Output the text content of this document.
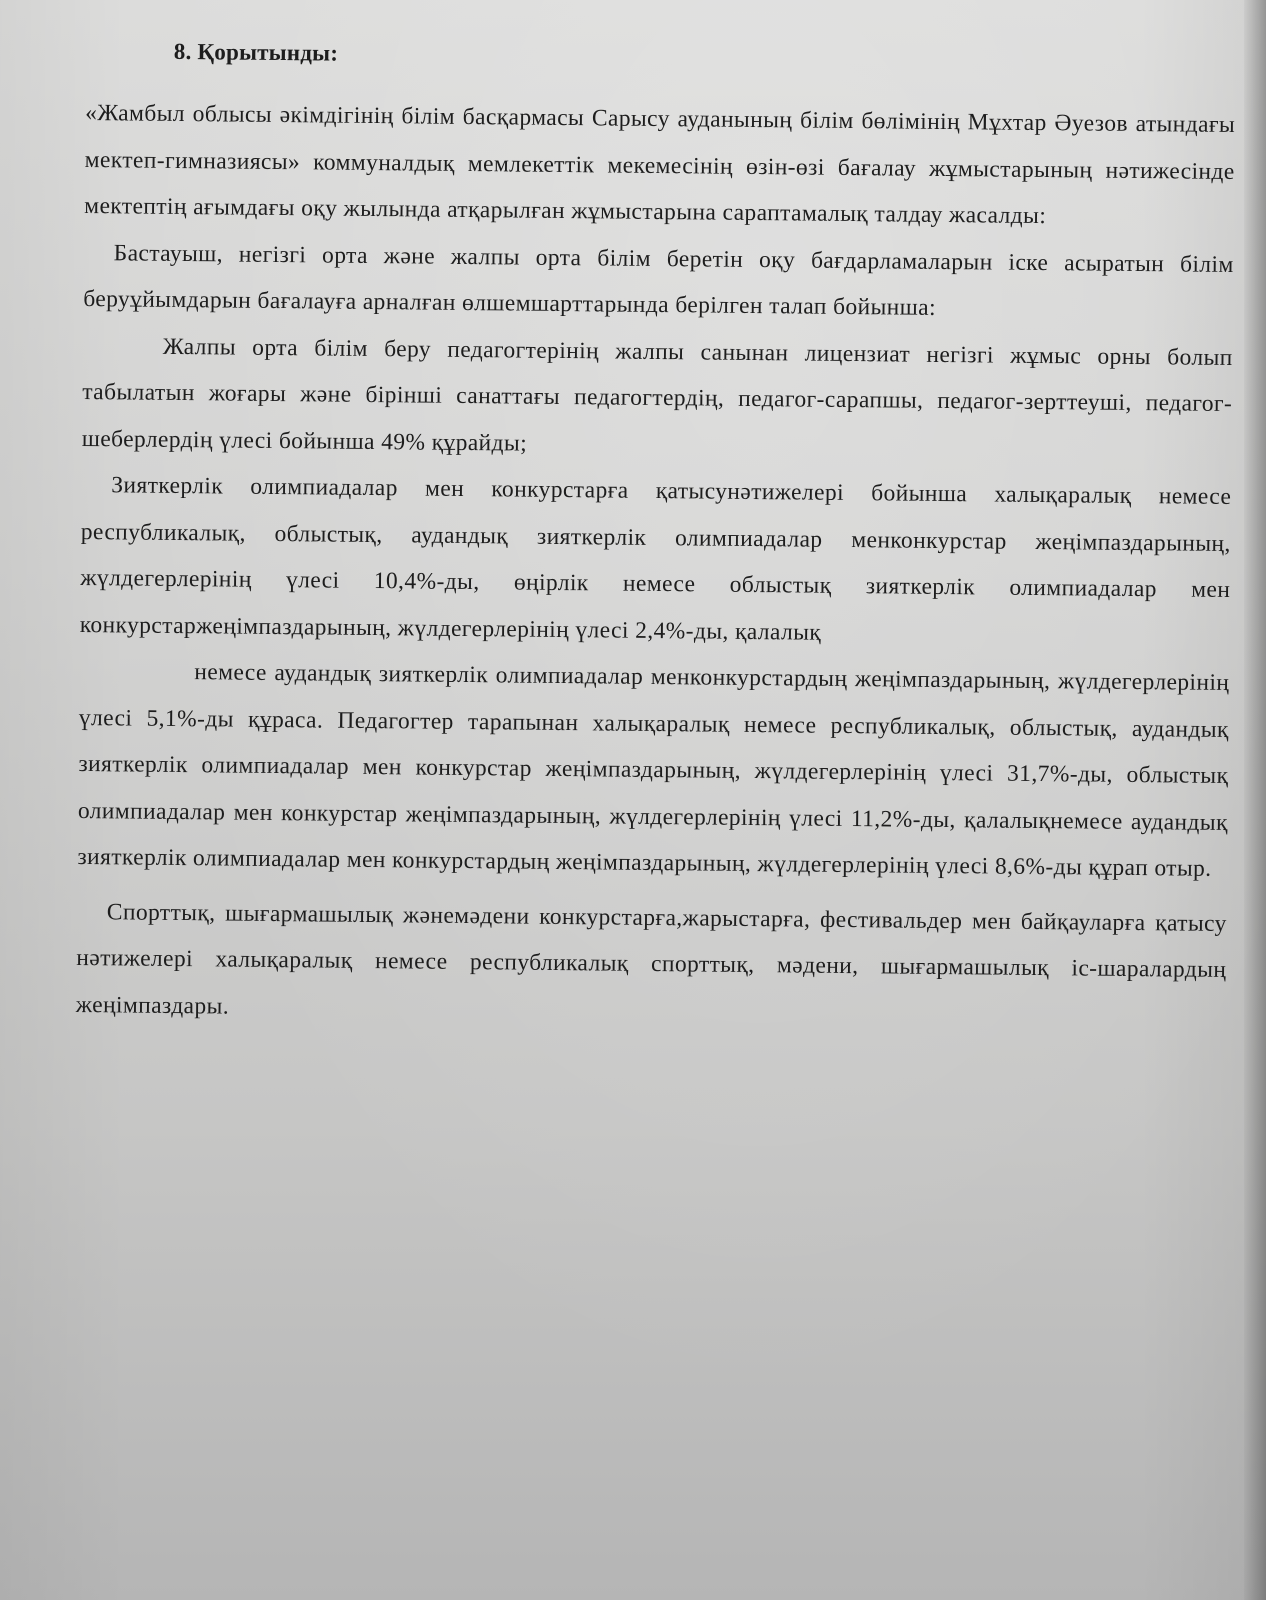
8. Қорытынды:

«Жамбыл облысы әкімдігінің білім басқармасы Сарысу ауданының білім бөлімінің Мұхтар Әуезов атындағы мектеп-гимназиясы» коммуналдық мемлекеттік мекемесінің өзін-өзі бағалау жұмыстарының нәтижесінде мектептің ағымдағы оқу жылында атқарылған жұмыстарына сараптамалық талдау жасалды:

Бастауыш, негізгі орта және жалпы орта білім беретін оқу бағдарламаларын іске асыратын білім беруұйымдарын бағалауға арналған өлшемшарттарында берілген талап бойынша:

Жалпы орта білім беру педагогтерінің жалпы санынан лицензиат негізгі жұмыс орны болып табылатын жоғары және бірінші санаттағы педагогтердің, педагог-сарапшы, педагог-зерттеуші, педагог-шеберлердің үлесі бойынша 49% құрайды;

Зияткерлік олимпиадалар мен конкурстарға қатысунәтижелері бойынша халықаралық немесе республикалық, облыстық, аудандық зияткерлік олимпиадалар менконкурстар жеңімпаздарының, жүлдегерлерінің үлесі 10,4%-ды, өңірлік немесе облыстық зияткерлік олимпиадалар мен конкурстаржеңімпаздарының, жүлдегерлерінің үлесі 2,4%-ды, қалалық

немесе аудандық зияткерлік олимпиадалар менконкурстардың жеңімпаздарының, жүлдегерлерінің үлесі 5,1%-ды құраса. Педагогтер тарапынан халықаралық немесе республикалық, облыстық, аудандық зияткерлік олимпиадалар мен конкурстар жеңімпаздарының, жүлдегерлерінің үлесі 31,7%-ды, облыстық олимпиадалар мен конкурстар жеңімпаздарының, жүлдегерлерінің үлесі 11,2%-ды, қалалықнемесе аудандық зияткерлік олимпиадалар мен конкурстардың жеңімпаздарының, жүлдегерлерінің үлесі 8,6%-ды құрап отыр.

Спорттық, шығармашылық жәнемәдени конкурстарға,жарыстарға, фестивальдер мен байқауларға қатысу нәтижелері халықаралық немесе республикалық спорттық, мәдени, шығармашылық іс-шаралардың жеңімпаздары.
